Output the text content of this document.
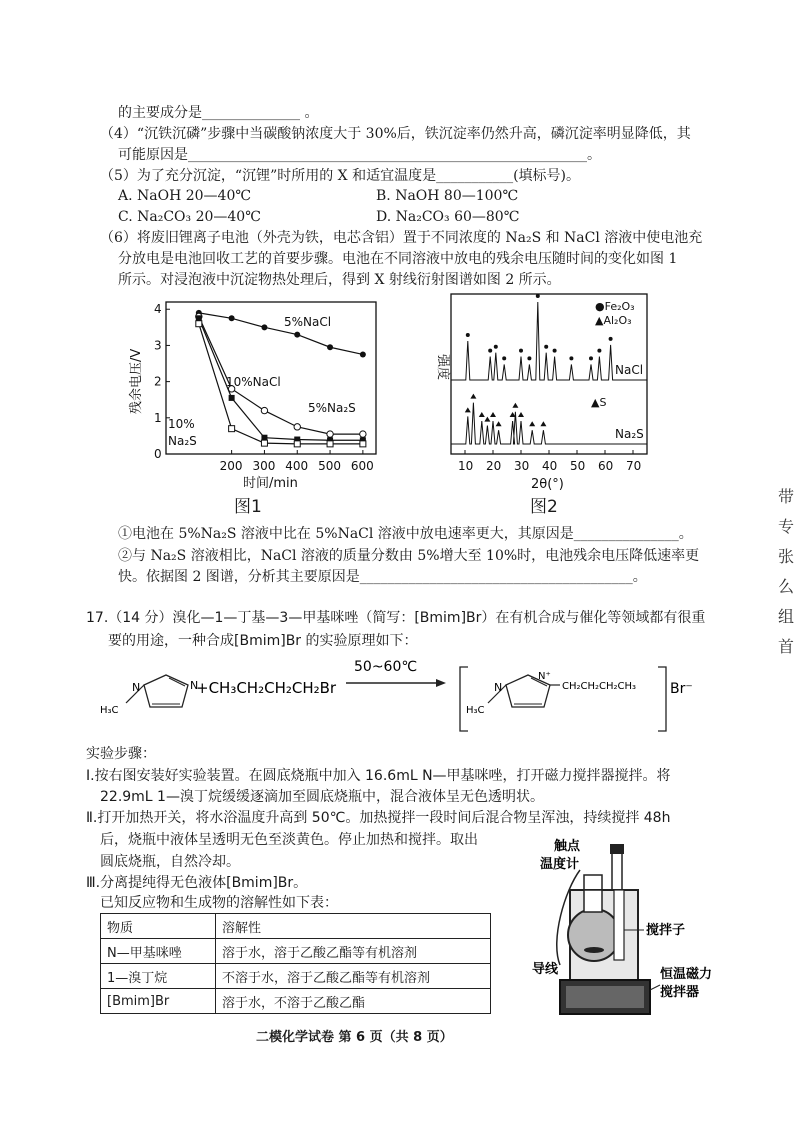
的主要成分是______________ 。
（4）“沉铁沉磷”步骤中当碳酸钠浓度大于 30%后，铁沉淀率仍然升高，磷沉淀率明显降低，其
可能原因是_________________________________________________________。
（5）为了充分沉淀，“沉锂”时所用的 X 和适宜温度是___________(填标号)。
A. NaOH 20—40℃	B. NaOH 80—100℃
C. Na₂CO₃ 20—40℃	D. Na₂CO₃ 60—80℃
（6）将废旧锂离子电池（外壳为铁，电芯含铝）置于不同浓度的 Na₂S 和 NaCl 溶液中使电池充
分放电是电池回收工艺的首要步骤。电池在不同溶液中放电的残余电压随时间的变化如图 1
所示。对浸泡液中沉淀物热处理后，得到 X 射线衍射图谱如图 2 所示。
0
1
2
3
4
200 300 400 500 600
时间/min
残余电压/V
5%NaCl
10%NaCl
5%Na₂S
10%
Na₂S
图1
10 20 30 40 50 60 70
2θ(°)
强度
●Fe₂O₃
▲Al₂O₃
▲S
NaCl
Na₂S
图2
①电池在 5%Na₂S 溶液中比在 5%NaCl 溶液中放电速率更大，其原因是_______________。
②与 Na₂S 溶液相比，NaCl 溶液的质量分数由 5%增大至 10%时，电池残余电压降低速率更
快。依据图 2 图谱，分析其主要原因是_______________________________________。
17.（14 分）溴化—1—丁基—3—甲基咪唑（简写：[Bmim]Br）在有机合成与催化等领域都有很重
要的用途，一种合成[Bmim]Br 的实验原理如下：
N	N
H₃C
+CH₃CH₂CH₂CH₂Br
50~60℃
N
N⁺
H₃C
CH₂CH₂CH₂CH₃ Br⁻
实验步骤：
Ⅰ.按右图安装好实验装置。在圆底烧瓶中加入 16.6mL N—甲基咪唑，打开磁力搅拌器搅拌。将
22.9mL 1—溴丁烷缓缓逐滴加至圆底烧瓶中，混合液体呈无色透明状。
Ⅱ.打开加热开关，将水浴温度升高到 50℃。加热搅拌一段时间后混合物呈浑浊，持续搅拌 48h
后，烧瓶中液体呈透明无色至淡黄色。停止加热和搅拌。取出
圆底烧瓶，自然冷却。
Ⅲ.分离提纯得无色液体[Bmim]Br。
已知反应物和生成物的溶解性如下表：
物质	溶解性
N—甲基咪唑	溶于水，溶于乙酸乙酯等有机溶剂
1—溴丁烷	不溶于水，溶于乙酸乙酯等有机溶剂
[Bmim]Br	溶于水，不溶于乙酸乙酯
触点
温度计
搅拌子
导线	恒温磁力
搅拌器
二模化学试卷 第 6 页（共 8 页）
带 专 张 么 组 首
